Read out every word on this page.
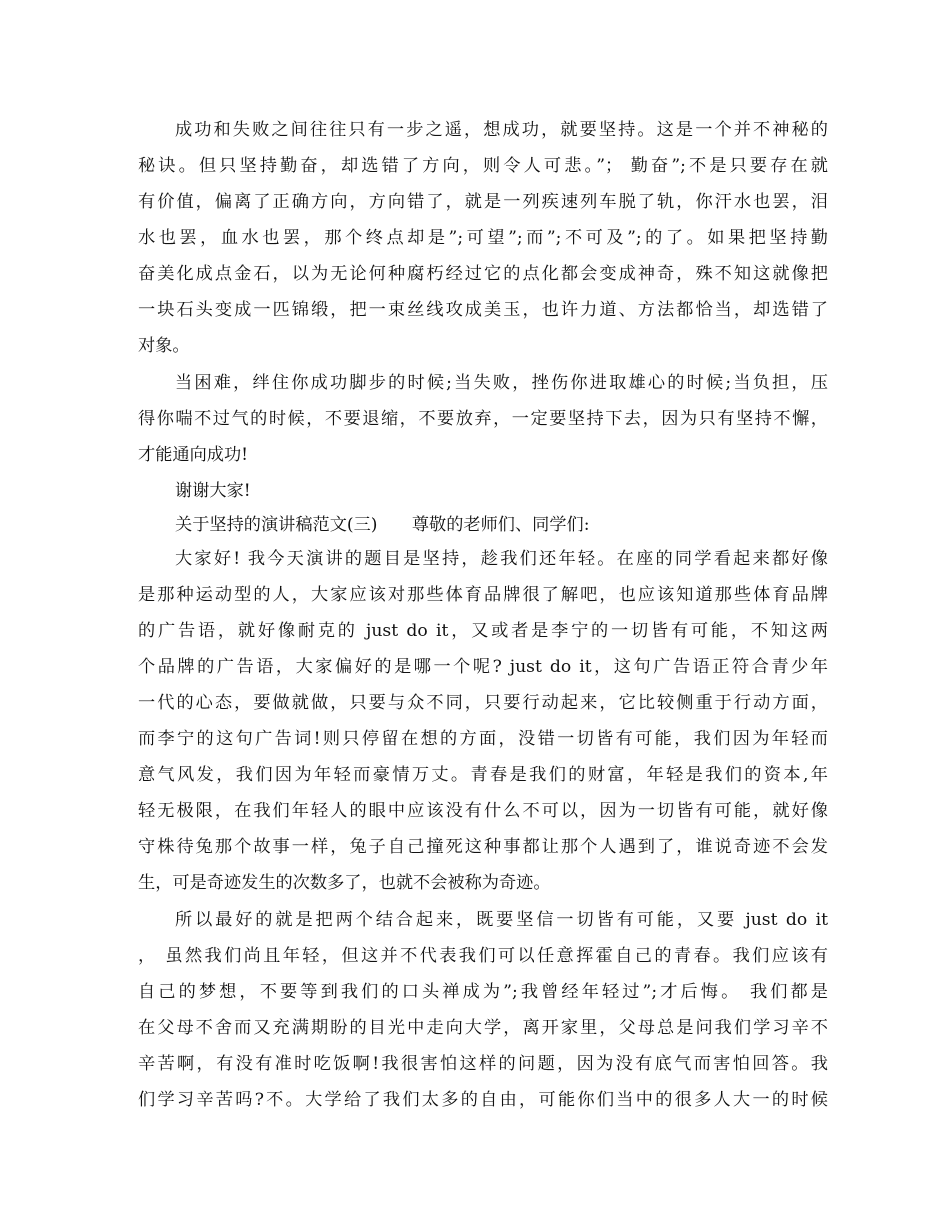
成功和失败之间往往只有一步之遥，想成功，就要坚持。这是一个并不神秘的
秘诀。但只坚持勤奋，却选错了方向，则令人可悲。”； 勤奋”;不是只要存在就
有价值，偏离了正确方向，方向错了，就是一列疾速列车脱了轨，你汗水也罢，泪
水也罢，血水也罢，那个终点却是”;可望”;而”;不可及”;的了。如果把坚持勤
奋美化成点金石，以为无论何种腐朽经过它的点化都会变成神奇，殊不知这就像把
一块石头变成一匹锦缎，把一束丝线攻成美玉，也许力道、方法都恰当，却选错了
对象。
当困难，绊住你成功脚步的时候;当失败，挫伤你进取雄心的时候;当负担，压
得你喘不过气的时候，不要退缩，不要放弃，一定要坚持下去，因为只有坚持不懈，
才能通向成功!
谢谢大家!
关于坚持的演讲稿范文(三)　　尊敬的老师们、同学们:
大家好! 我今天演讲的题目是坚持，趁我们还年轻。在座的同学看起来都好像
是那种运动型的人，大家应该对那些体育品牌很了解吧，也应该知道那些体育品牌
的广告语，就好像耐克的 just do it，又或者是李宁的一切皆有可能，不知这两
个品牌的广告语，大家偏好的是哪一个呢? just do it，这句广告语正符合青少年
一代的心态，要做就做，只要与众不同，只要行动起来，它比较侧重于行动方面，
而李宁的这句广告词!则只停留在想的方面，没错一切皆有可能，我们因为年轻而
意气风发，我们因为年轻而豪情万丈。青春是我们的财富，年轻是我们的资本,年
轻无极限，在我们年轻人的眼中应该没有什么不可以，因为一切皆有可能，就好像
守株待兔那个故事一样，兔子自己撞死这种事都让那个人遇到了，谁说奇迹不会发
生，可是奇迹发生的次数多了，也就不会被称为奇迹。
所以最好的就是把两个结合起来，既要坚信一切皆有可能，又要 just do it
， 虽然我们尚且年轻，但这并不代表我们可以任意挥霍自己的青春。我们应该有
自己的梦想，不要等到我们的口头禅成为”;我曾经年轻过”;才后悔。 我们都是
在父母不舍而又充满期盼的目光中走向大学，离开家里，父母总是问我们学习辛不
辛苦啊，有没有准时吃饭啊!我很害怕这样的问题，因为没有底气而害怕回答。我
们学习辛苦吗?不。大学给了我们太多的自由，可能你们当中的很多人大一的时候
